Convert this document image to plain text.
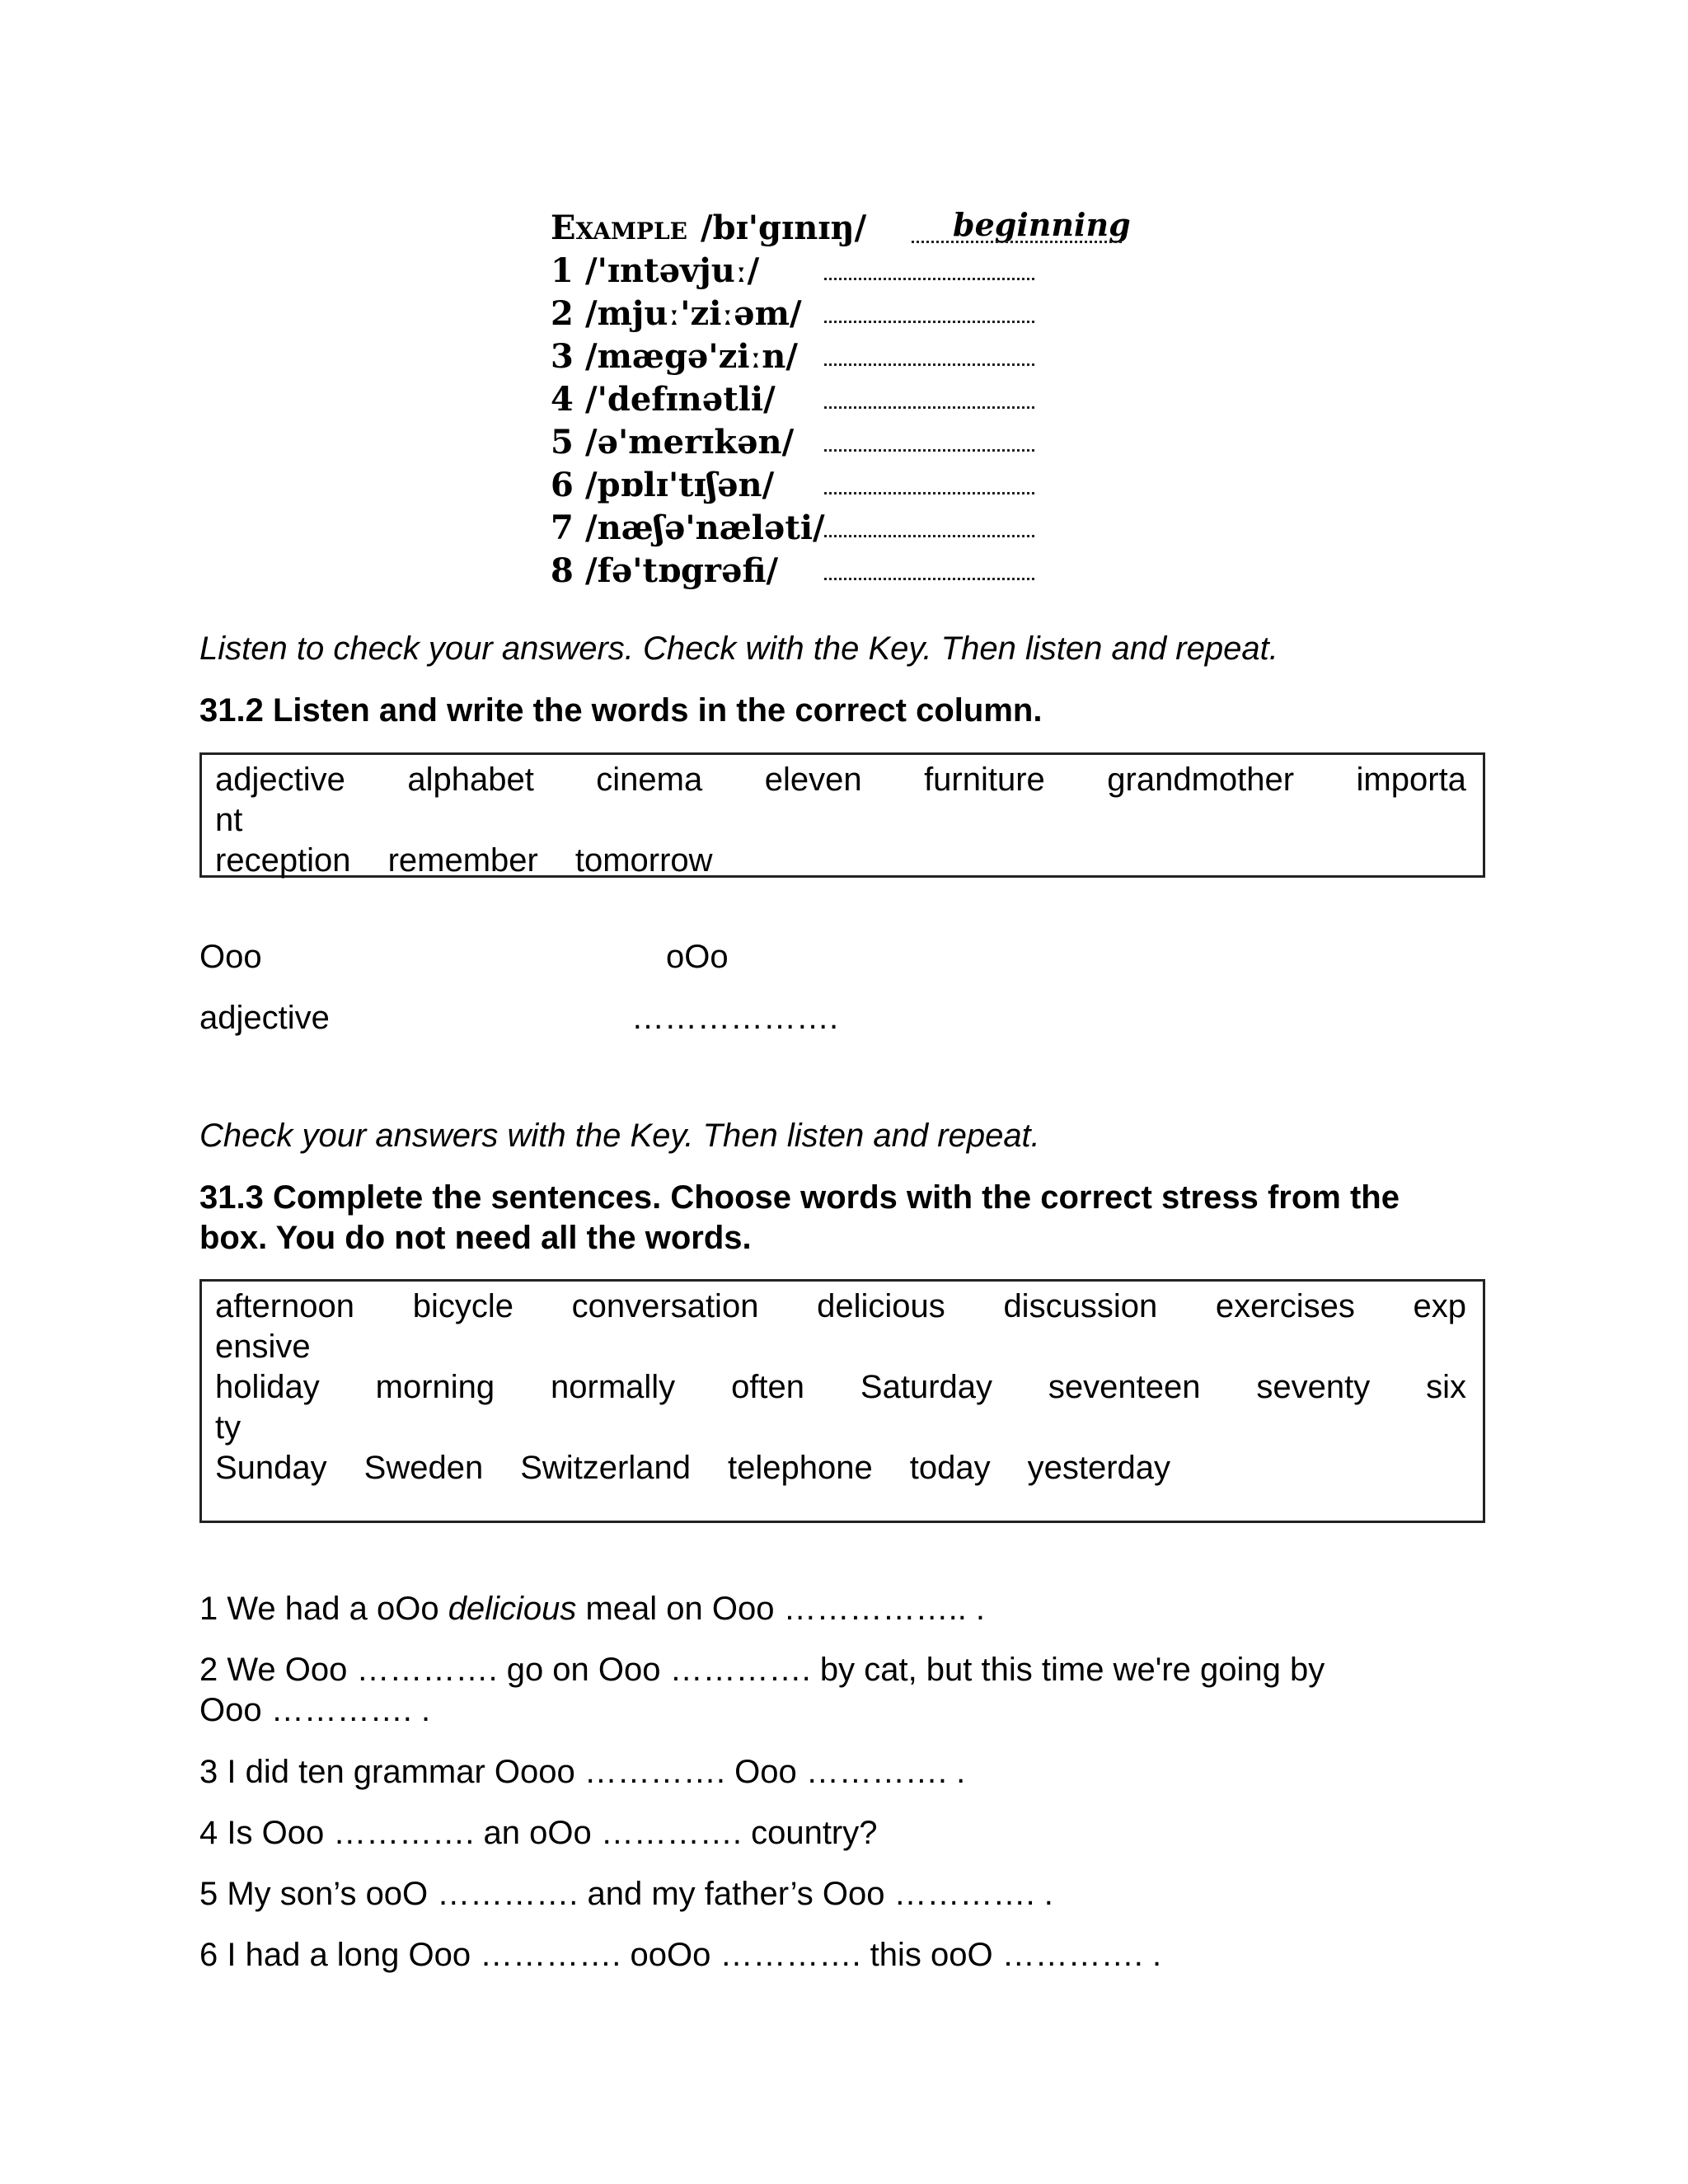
Example /bɪ'gɪnɪŋ/	beginning
1 /'ɪntəvjuː/
2 /mjuː'ziːəm/
3 /mægə'ziːn/
4 /'defɪnətli/
5 /ə'merɪkən/
6 /pɒlɪ'tɪʃən/
7 /næʃə'næləti/
8 /fə'tɒgrəfi/
Listen to check your answers. Check with the Key. Then listen and repeat.
31.2 Listen and write the words in the correct column.
adjective alphabet cinema eleven furniture grandmother importa
nt
reception remember tomorrow
Ooo	oOo
adjective	……………….
Check your answers with the Key. Then listen and repeat.
31.3 Complete the sentences. Choose words with the correct stress from the
box. You do not need all the words.
afternoon bicycle conversation delicious discussion exercises exp
ensive
holiday morning normally often Saturday seventeen seventy six
ty
Sunday Sweden Switzerland telephone today yesterday
1 We had a oOo delicious meal on Ooo …………….. .
2 We Ooo …………. go on Ooo …………. by cat, but this time we're going by
Ooo …………. .
3 I did ten grammar Oooo …………. Ooo …………. .
4 Is Ooo …………. an oOo …………. country?
5 My son’s ooO …………. and my father’s Ooo …………. .
6 I had a long Ooo …………. ooOo …………. this ooO …………. .
